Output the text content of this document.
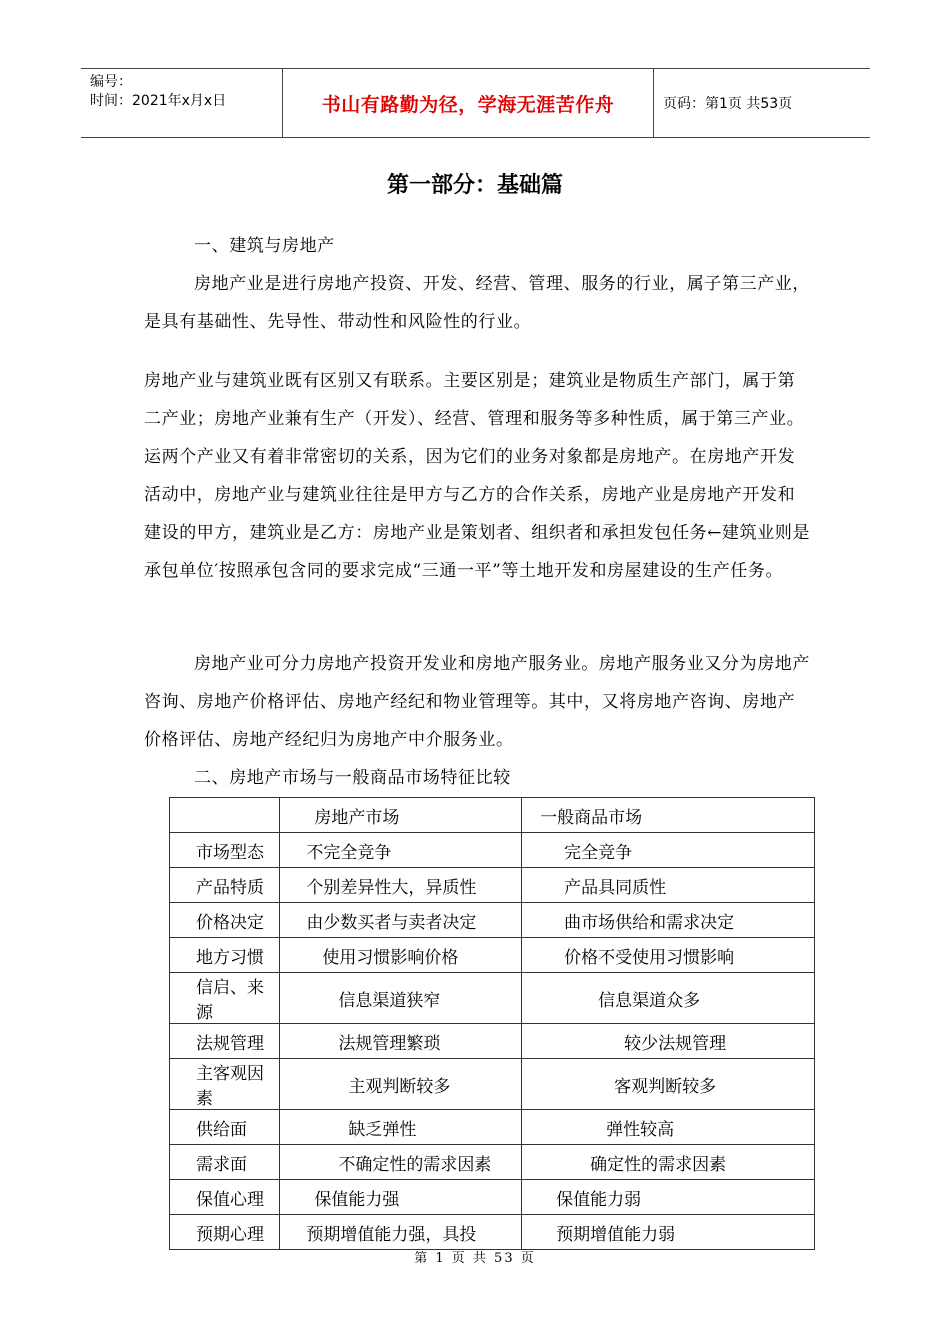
编号：
时间：2021年x月x日	书山有路勤为径，学海无涯苦作舟	页码：第1页 共53页
第一部分：基础篇

一、建筑与房地产

房地产业是进行房地产投资、开发、经营、管理、服务的行业，属子第三产业，是具有基础性、先导性、带动性和风险性的行业。

房地产业与建筑业既有区别又有联系。主要区别是；建筑业是物质生产部门，属于第二产业；房地产业兼有生产（开发）、经营、管理和服务等多种性质，属于第三产业。运两个产业又有着非常密切的关系，因为它们的业务对象都是房地产。在房地产开发活动中，房地产业与建筑业往往是甲方与乙方的合作关系，房地产业是房地产开发和建设的甲方，建筑业是乙方：房地产业是策划者、组织者和承担发包任务←建筑业则是承包单位′按照承包含同的要求完成“三通一平”等土地开发和房屋建设的生产任务。

房地产业可分力房地产投资开发业和房地产服务业。房地产服务业又分为房地产咨询、房地产价格评估、房地产经纪和物业管理等。其中，又将房地产咨询、房地产价格评估、房地产经纪归为房地产中介服务业。

二、房地产市场与一般商品市场特征比较

	房地产市场	一般商品市场
市场型态	不完全竞争	完全竞争
产品特质	个别差异性大，异质性	产品具同质性
价格决定	由少数买者与卖者决定	曲市场供给和需求决定
地方习惯	使用习惯影响价格	价格不受使用习惯影响
信启、来源	信息渠道狭窄	信息渠道众多
法规管理	法规管理繁琐	较少法规管理
主客观因素	主观判断较多	客观判断较多
供给面	缺乏弹性	弹性较高
需求面	不确定性的需求因素	确定性的需求因素
保值心理	保值能力强	保值能力弱
预期心理	预期增值能力强，具投	预期增值能力弱
第 1 页 共 53 页
